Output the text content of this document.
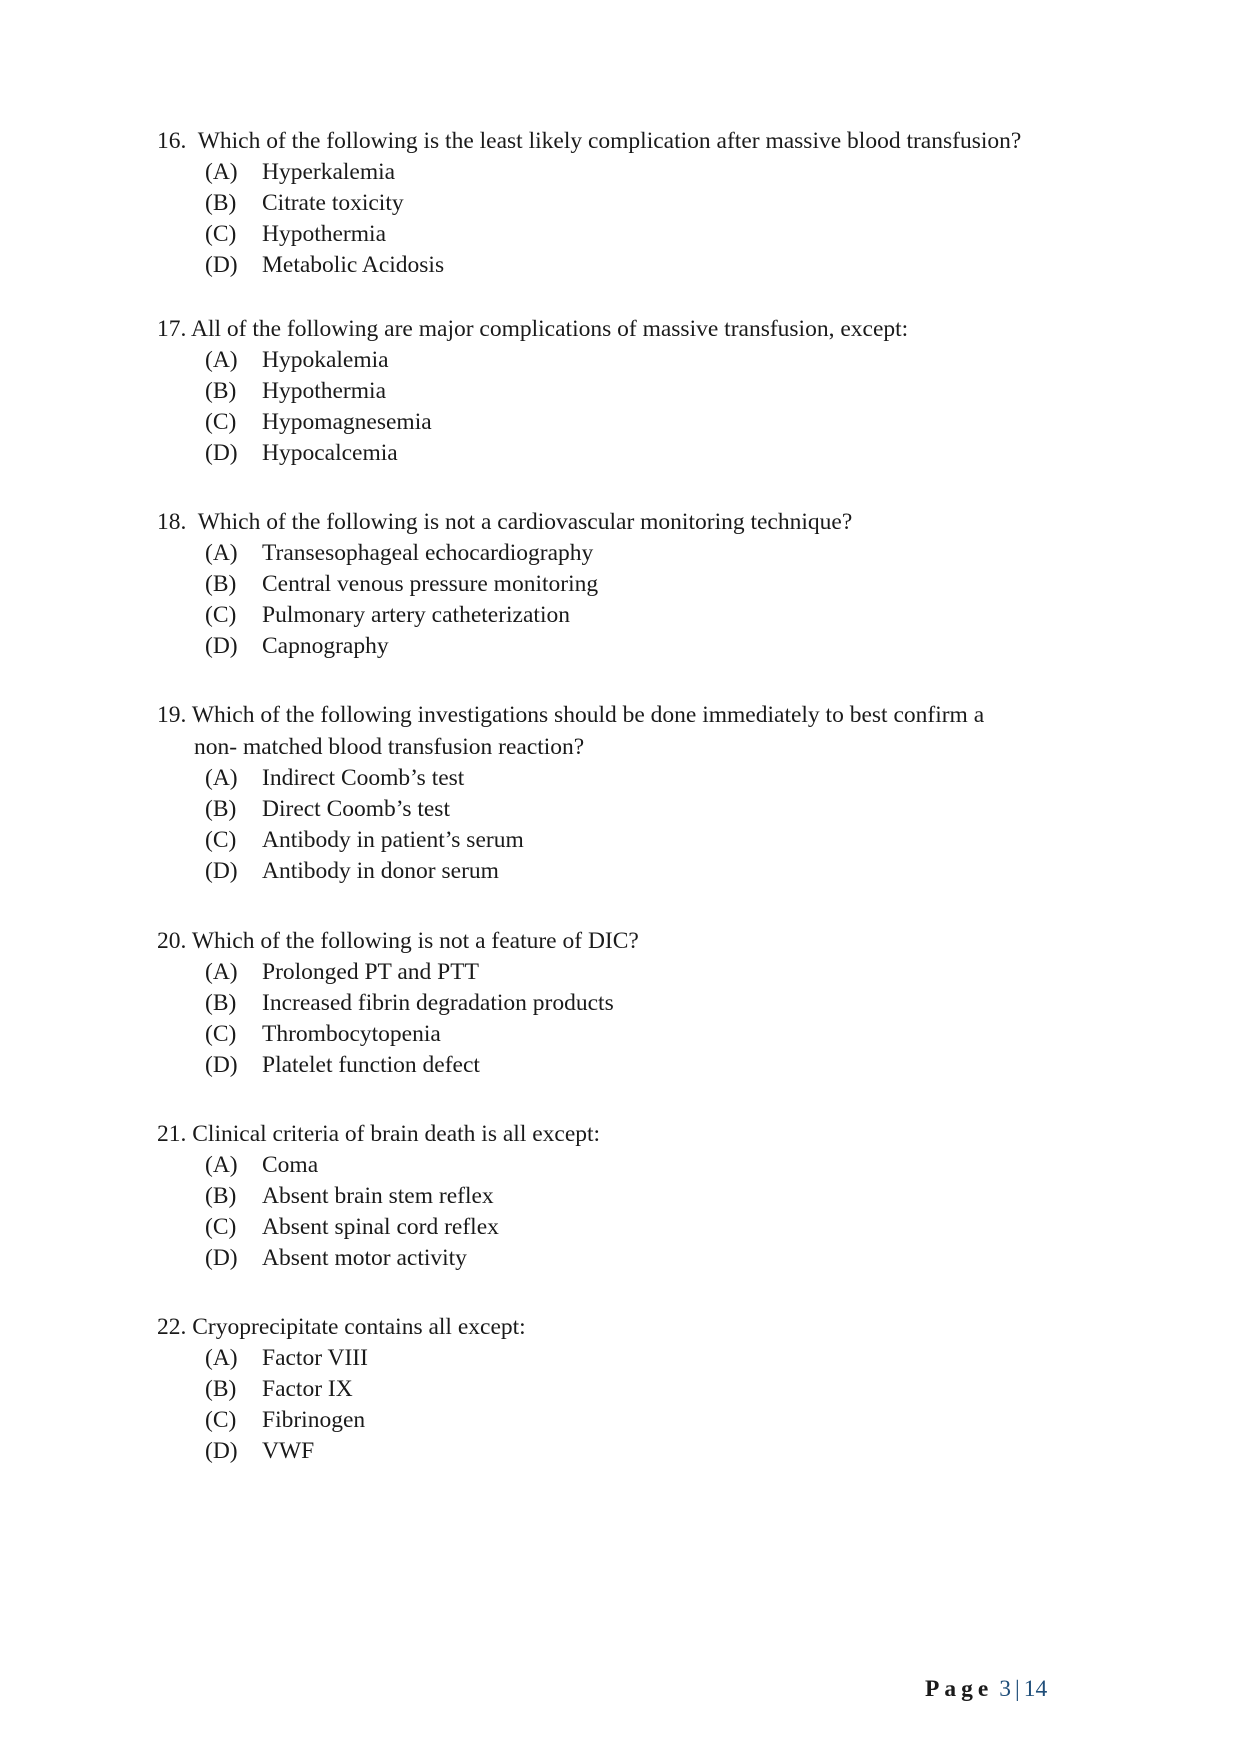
16. Which of the following is the least likely complication after massive blood transfusion?

(A) Hyperkalemia
(B) Citrate toxicity
(C) Hypothermia
(D) Metabolic Acidosis

17. All of the following are major complications of massive transfusion, except:

(A) Hypokalemia
(B) Hypothermia
(C) Hypomagnesemia
(D) Hypocalcemia

18. Which of the following is not a cardiovascular monitoring technique?

(A) Transesophageal echocardiography
(B) Central venous pressure monitoring
(C) Pulmonary artery catheterization
(D) Capnography

19. Which of the following investigations should be done immediately to best confirm a
non- matched blood transfusion reaction?

(A) Indirect Coomb’s test
(B) Direct Coomb’s test
(C) Antibody in patient’s serum
(D) Antibody in donor serum

20. Which of the following is not a feature of DIC?

(A) Prolonged PT and PTT
(B) Increased fibrin degradation products
(C) Thrombocytopenia
(D) Platelet function defect

21. Clinical criteria of brain death is all except:

(A) Coma
(B) Absent brain stem reflex
(C) Absent spinal cord reflex
(D) Absent motor activity

22. Cryoprecipitate contains all except:

(A) Factor VIII
(B) Factor IX
(C) Fibrinogen
(D) VWF
Page 3 | 14
